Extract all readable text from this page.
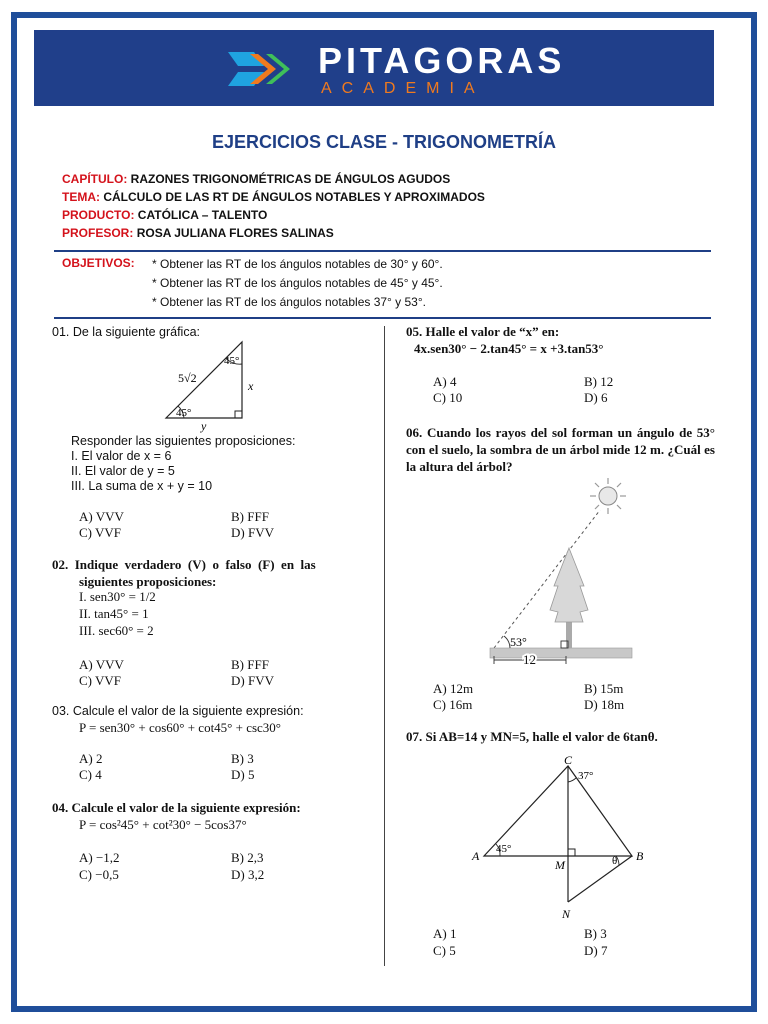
PITAGORAS
ACADEMIA
EJERCICIOS CLASE - TRIGONOMETRÍA
CAPÍTULO: RAZONES TRIGONOMÉTRICAS DE ÁNGULOS AGUDOS
TEMA: CÁLCULO DE LAS RT DE ÁNGULOS NOTABLES Y APROXIMADOS
PRODUCTO: CATÓLICA – TALENTO
PROFESOR: ROSA JULIANA FLORES SALINAS
OBJETIVOS: * Obtener las RT de los ángulos notables de 30° y 60°.
* Obtener las RT de los ángulos notables de 45° y 45°.
* Obtener las RT de los ángulos notables 37° y 53°.
01. De la siguiente gráfica:
5√2
45°
45°
x
y
Responder las siguientes proposiciones:
I. El valor de x = 6
II. El valor de y = 5
III. La suma de x + y = 10
A) VVV	B) FFF
C) VVF	D) FVV
02.  Indique  verdadero  (V)  o  falso  (F)  en  las
siguientes proposiciones:
I. sen30° = 1/2
II. tan45° = 1
III. sec60° = 2
A) VVV	B) FFF
C) VVF	D) FVV
03. Calcule el valor de la siguiente expresión:
P = sen30° + cos60° + cot45° + csc30°
A) 2	B) 3
C) 4	D) 5
04. Calcule el valor de la siguiente expresión:
P = cos²45° + cot²30° − 5cos37°
A) −1,2	B) 2,3
C) −0,5	D) 3,2
05. Halle el valor de “x” en:
4x.sen30° − 2.tan45° = x +3.tan53°
A) 4	B) 12
C) 10	D) 6
06. Cuando los rayos del sol forman un ángulo de 53° con el suelo, la sombra de un árbol mide 12 m. ¿Cuál es la altura del árbol?
53°
12
A) 12m	B) 15m
C) 16m	D) 18m
07. Si AB=14 y MN=5, halle el valor de 6tanθ.
C
37°
A 45°	B
θ
M
N
A) 1	B) 3
C) 5	D) 7
